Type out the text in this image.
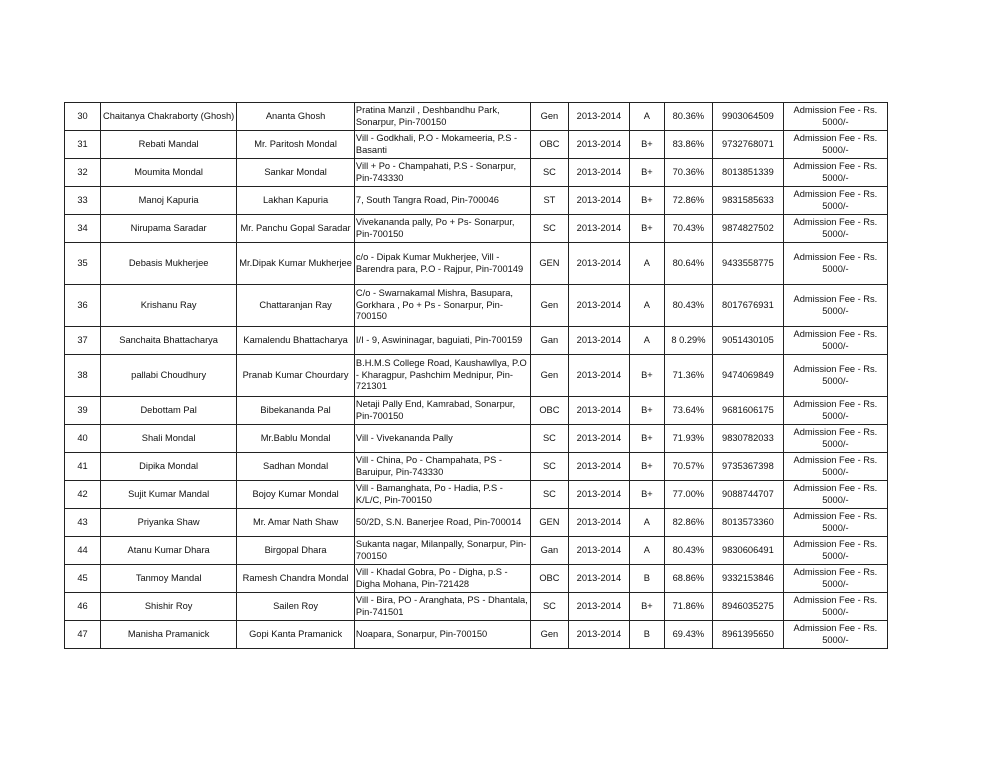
30	Chaitanya Chakraborty (Ghosh)	Ananta Ghosh	Pratina Manzil , Deshbandhu Park, Sonarpur, Pin-700150	Gen	2013-2014	A	80.36%	9903064509	Admission Fee - Rs. 5000/-
31	Rebati Mandal	Mr. Paritosh Mondal	Vill - Godkhali, P.O - Mokameeria, P.S - Basanti	OBC	2013-2014	B+	83.86%	9732768071	Admission Fee - Rs. 5000/-
32	Moumita Mondal	Sankar Mondal	Vill + Po - Champahati, P.S - Sonarpur, Pin-743330	SC	2013-2014	B+	70.36%	8013851339	Admission Fee - Rs. 5000/-
33	Manoj Kapuria	Lakhan Kapuria	7, South Tangra Road, Pin-700046	ST	2013-2014	B+	72.86%	9831585633	Admission Fee - Rs. 5000/-
34	Nirupama Saradar	Mr. Panchu Gopal Saradar	Vivekananda pally, Po + Ps- Sonarpur, Pin-700150	SC	2013-2014	B+	70.43%	9874827502	Admission Fee - Rs. 5000/-
35	Debasis Mukherjee	Mr.Dipak Kumar Mukherjee	c/o - Dipak Kumar Mukherjee, Vill - Barendra para, P.O - Rajpur, Pin-700149	GEN	2013-2014	A	80.64%	9433558775	Admission Fee - Rs. 5000/-
36	Krishanu Ray	Chattaranjan Ray	C/o - Swarnakamal Mishra, Basupara, Gorkhara , Po + Ps - Sonarpur, Pin-700150	Gen	2013-2014	A	80.43%	8017676931	Admission Fee - Rs. 5000/-
37	Sanchaita Bhattacharya	Kamalendu Bhattacharya	I/I - 9, Aswininagar, baguiati, Pin-700159	Gan	2013-2014	A	8 0.29%	9051430105	Admission Fee - Rs. 5000/-
38	pallabi Choudhury	Pranab Kumar Chourdary	B.H.M.S College Road, Kaushawllya, P.O - Kharagpur, Pashchim Mednipur, Pin-721301	Gen	2013-2014	B+	71.36%	9474069849	Admission Fee - Rs. 5000/-
39	Debottam Pal	Bibekananda Pal	Netaji Pally End, Kamrabad, Sonarpur, Pin-700150	OBC	2013-2014	B+	73.64%	9681606175	Admission Fee - Rs. 5000/-
40	Shali Mondal	Mr.Bablu Mondal	Vill - Vivekananda Pally	SC	2013-2014	B+	71.93%	9830782033	Admission Fee - Rs. 5000/-
41	Dipika Mondal	Sadhan Mondal	Vill - China, Po - Champahata, PS - Baruipur, Pin-743330	SC	2013-2014	B+	70.57%	9735367398	Admission Fee - Rs. 5000/-
42	Sujit Kumar Mandal	Bojoy Kumar Mondal	Vill - Bamanghata, Po - Hadia, P.S - K/L/C, Pin-700150	SC	2013-2014	B+	77.00%	9088744707	Admission Fee - Rs. 5000/-
43	Priyanka Shaw	Mr. Amar Nath Shaw	50/2D, S.N. Banerjee Road, Pin-700014	GEN	2013-2014	A	82.86%	8013573360	Admission Fee - Rs. 5000/-
44	Atanu Kumar Dhara	Birgopal Dhara	Sukanta nagar, Milanpally, Sonarpur, Pin-700150	Gan	2013-2014	A	80.43%	9830606491	Admission Fee - Rs. 5000/-
45	Tanmoy Mandal	Ramesh Chandra Mondal	Vill - Khadal Gobra, Po - Digha, p.S - Digha Mohana, Pin-721428	OBC	2013-2014	B	68.86%	9332153846	Admission Fee - Rs. 5000/-
46	Shishir Roy	Sailen Roy	Vill - Bira, PO - Aranghata, PS - Dhantala, Pin-741501	SC	2013-2014	B+	71.86%	8946035275	Admission Fee - Rs. 5000/-
47	Manisha Pramanick	Gopi Kanta Pramanick	Noapara, Sonarpur, Pin-700150	Gen	2013-2014	B	69.43%	8961395650	Admission Fee - Rs. 5000/-
